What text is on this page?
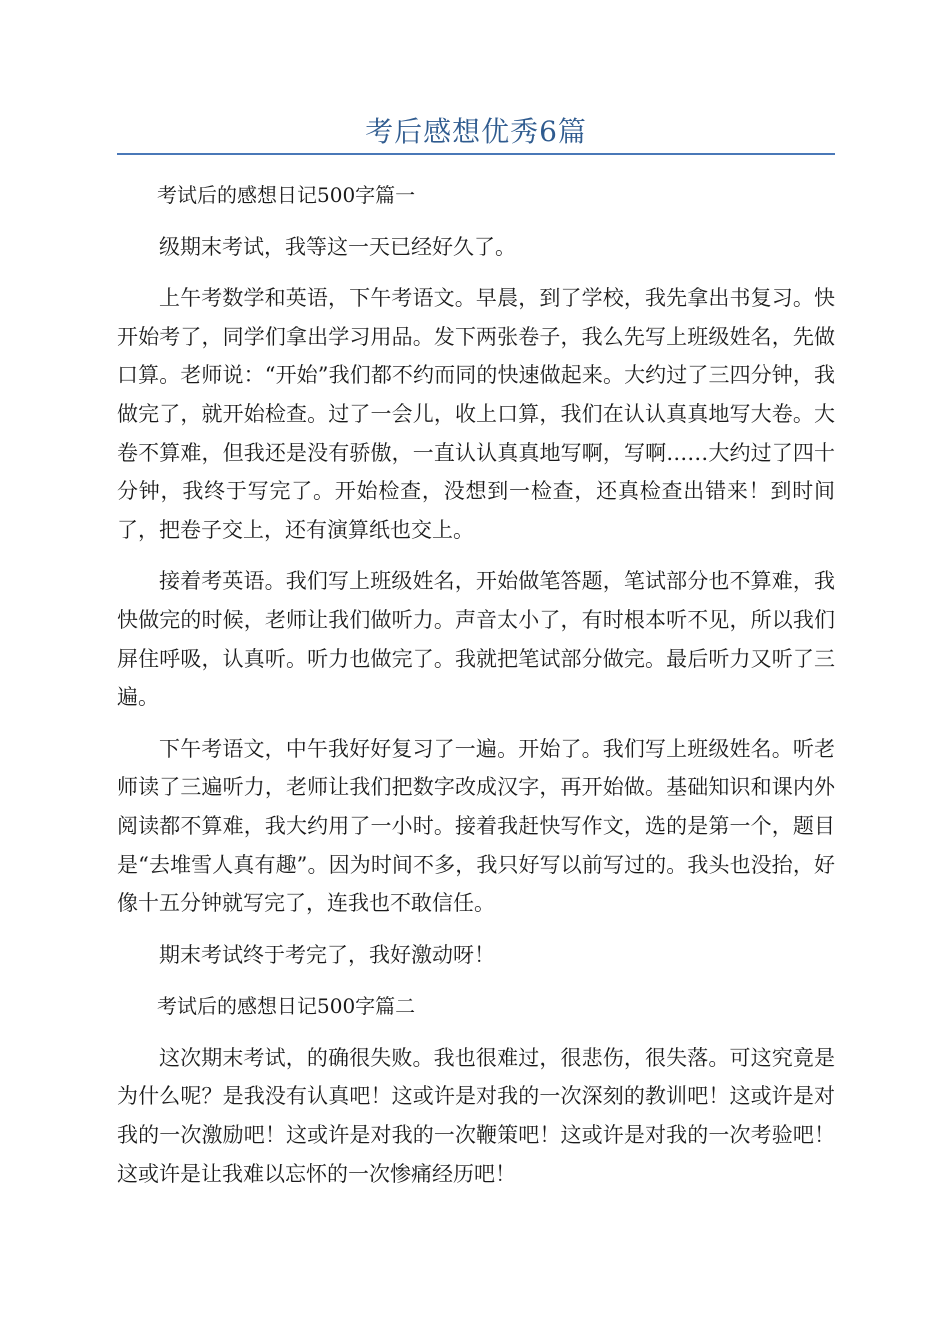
考后感想优秀6篇

考试后的感想日记500字篇一

级期末考试，我等这一天已经好久了。

上午考数学和英语，下午考语文。早晨，到了学校，我先拿出书复习。快开始考了，同学们拿出学习用品。发下两张卷子，我么先写上班级姓名，先做口算。老师说：“开始”我们都不约而同的快速做起来。大约过了三四分钟，我做完了，就开始检查。过了一会儿，收上口算，我们在认认真真地写大卷。大卷不算难，但我还是没有骄傲，一直认认真真地写啊，写啊……大约过了四十分钟，我终于写完了。开始检查，没想到一检查，还真检查出错来！到时间了，把卷子交上，还有演算纸也交上。

接着考英语。我们写上班级姓名，开始做笔答题，笔试部分也不算难，我快做完的时候，老师让我们做听力。声音太小了，有时根本听不见，所以我们屏住呼吸，认真听。听力也做完了。我就把笔试部分做完。最后听力又听了三遍。

下午考语文，中午我好好复习了一遍。开始了。我们写上班级姓名。听老师读了三遍听力，老师让我们把数字改成汉字，再开始做。基础知识和课内外阅读都不算难，我大约用了一小时。接着我赶快写作文，选的是第一个，题目是“去堆雪人真有趣”。因为时间不多，我只好写以前写过的。我头也没抬，好像十五分钟就写完了，连我也不敢信任。

期末考试终于考完了，我好激动呀！

考试后的感想日记500字篇二

这次期末考试，的确很失败。我也很难过，很悲伤，很失落。可这究竟是为什么呢？是我没有认真吧！这或许是对我的一次深刻的教训吧！这或许是对我的一次激励吧！这或许是对我的一次鞭策吧！这或许是对我的一次考验吧！这或许是让我难以忘怀的一次惨痛经历吧！
